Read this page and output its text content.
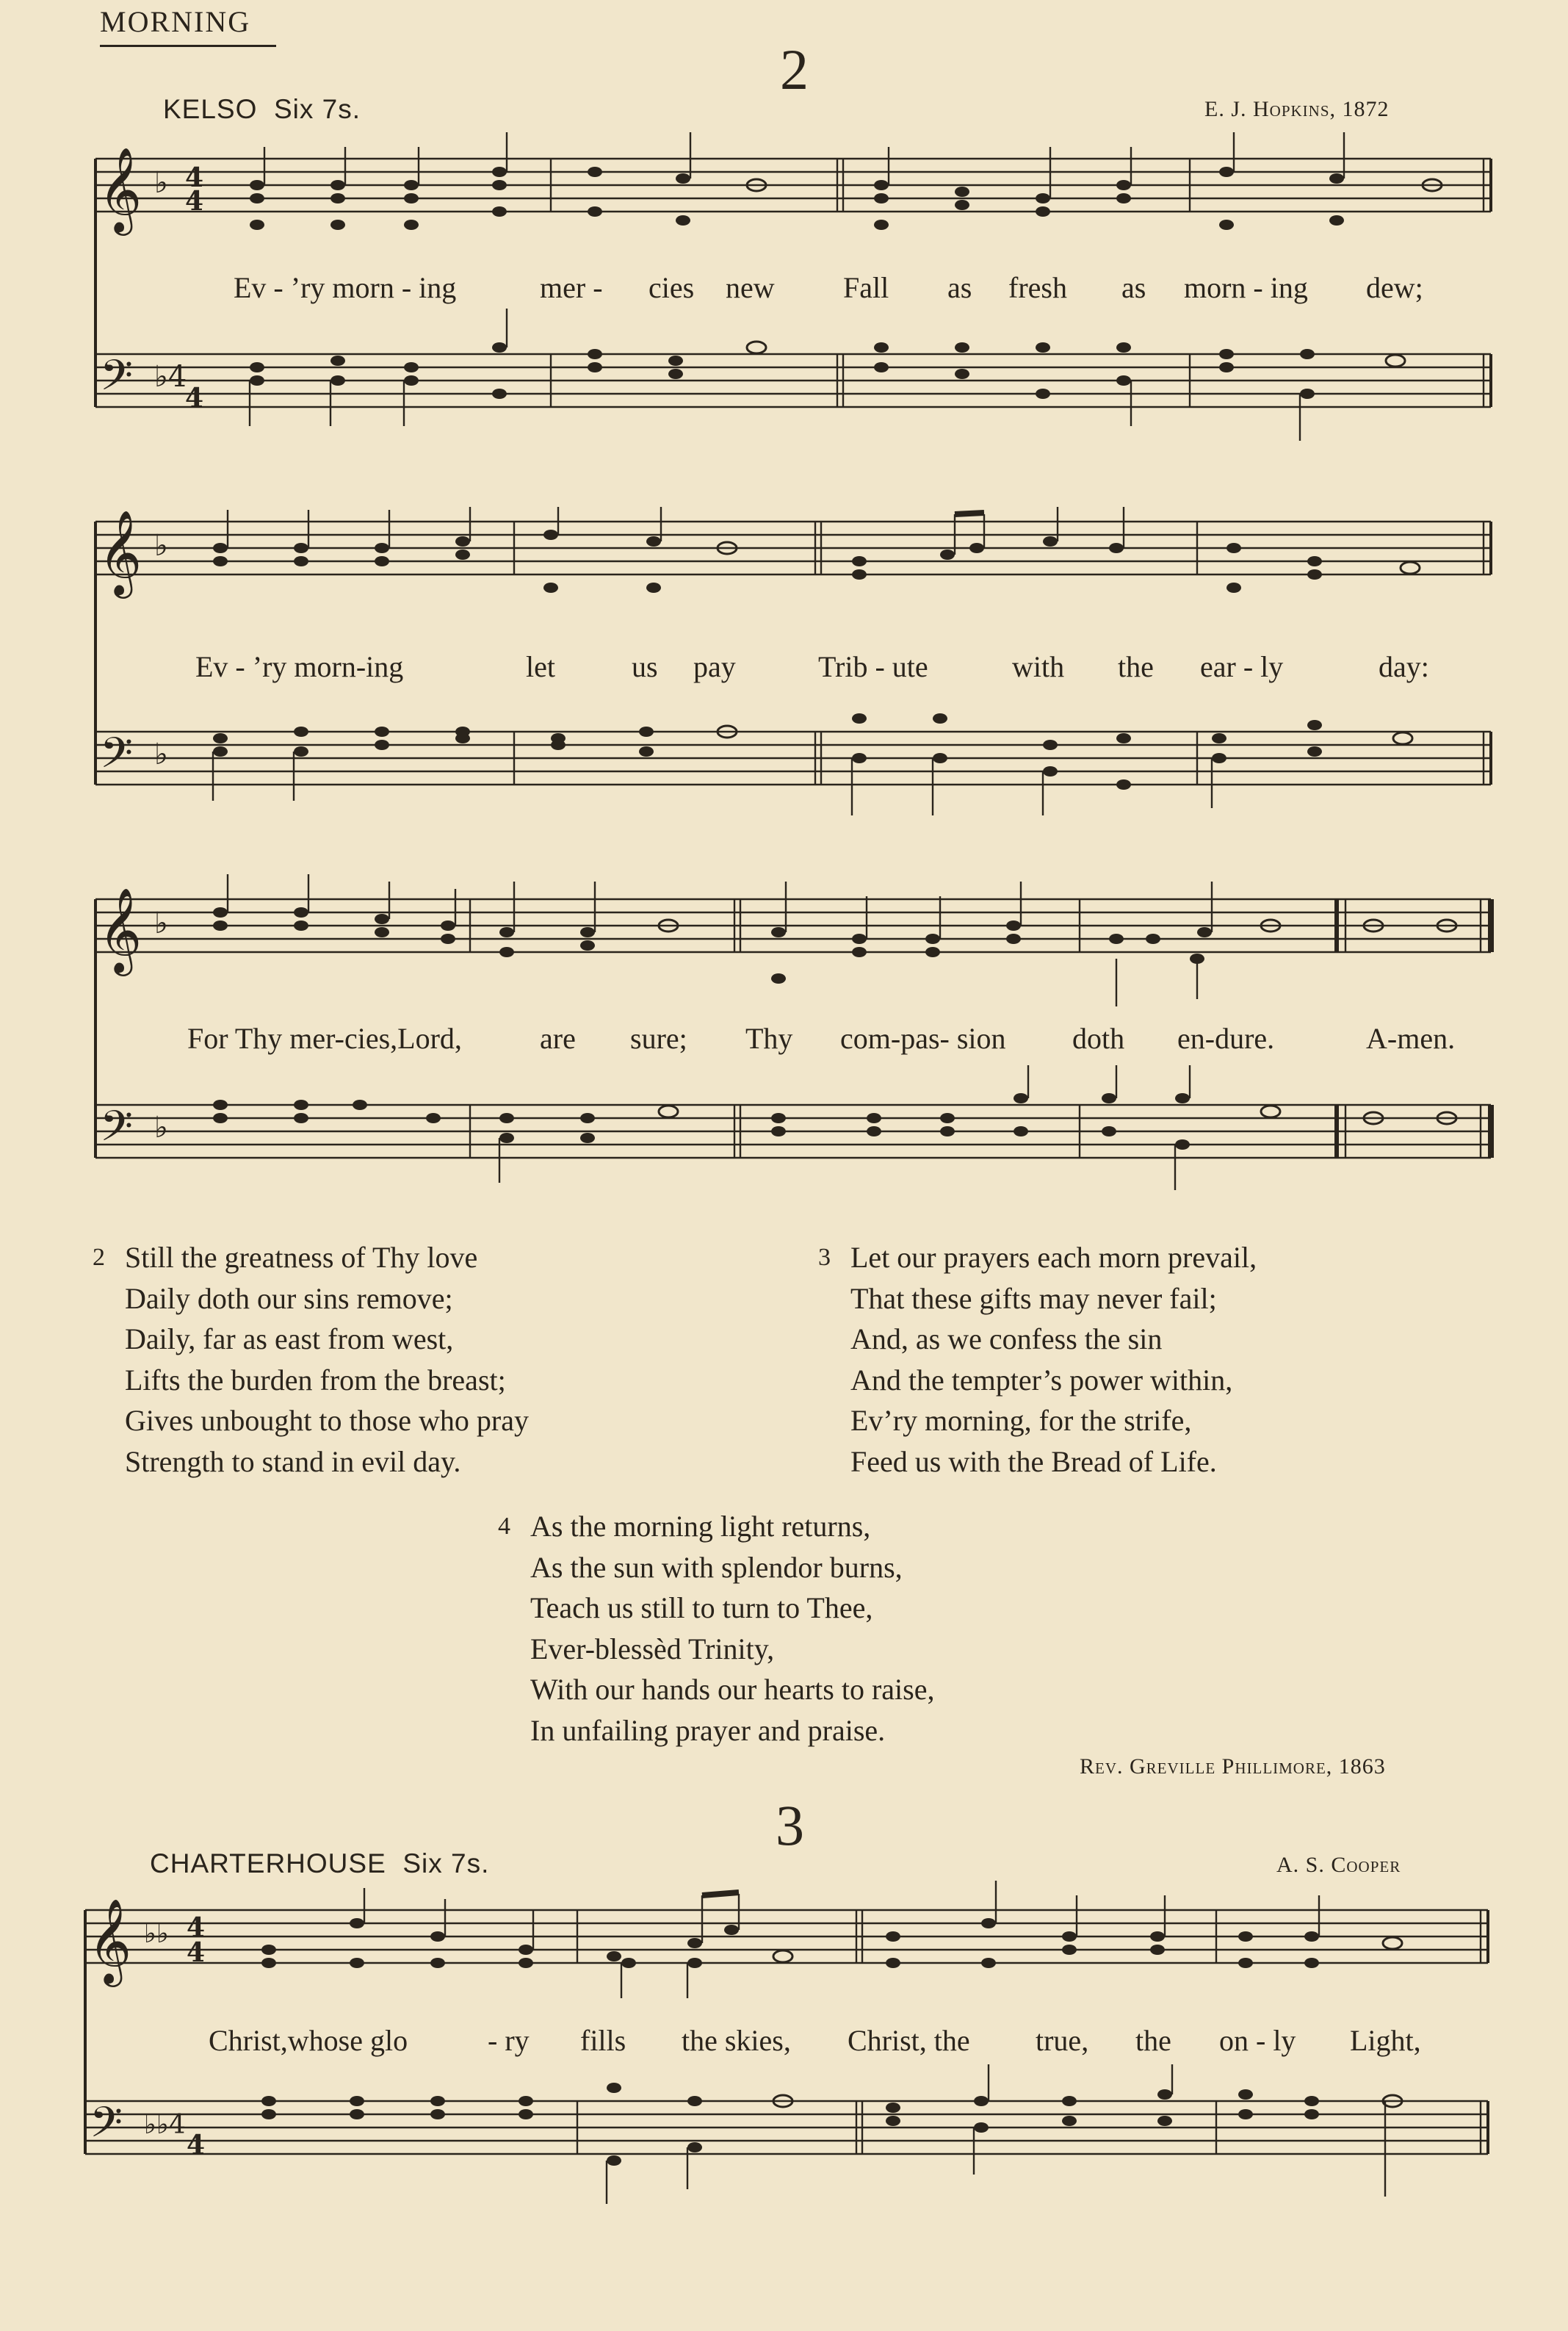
MORNING
2
KELSO Six 7s.	E. J. Hopkins, 1872
𝄞 ♭ 4
4
𝄢 ♭4
4
Ev - ’ry morn - ing	mer - cies new Fall as fresh as morn - ing dew;
𝄞 ♭
𝄢 ♭
Ev - ’ry morn-ing	let	us pay	Trib - ute	with the ear - ly	day:
𝄞 ♭
𝄢 ♭
For Thy mer-cies,Lord,	are sure; Thy com-pas- sion doth en-dure.	A-men.
2 Still the greatness of Thy love
Daily doth our sins remove;
Daily, far as east from west,
Lifts the burden from the breast;
Gives unbought to those who pray
Strength to stand in evil day.
3 Let our prayers each morn prevail,
That these gifts may never fail;
And, as we confess the sin
And the tempter’s power within,
Ev’ry morning, for the strife,
Feed us with the Bread of Life.
4 As the morning light returns,
As the sun with splendor burns,
Teach us still to turn to Thee,
Ever-blessèd Trinity,
With our hands our hearts to raise,
In unfailing prayer and praise.
Rev. Greville Phillimore, 1863
3
CHARTERHOUSE Six 7s.	A. S. Cooper
𝄞 ♭♭ 4
4
𝄢 ♭♭4
4
Christ,whose glo	- ry fills the skies, Christ, the true, the on - ly Light,
